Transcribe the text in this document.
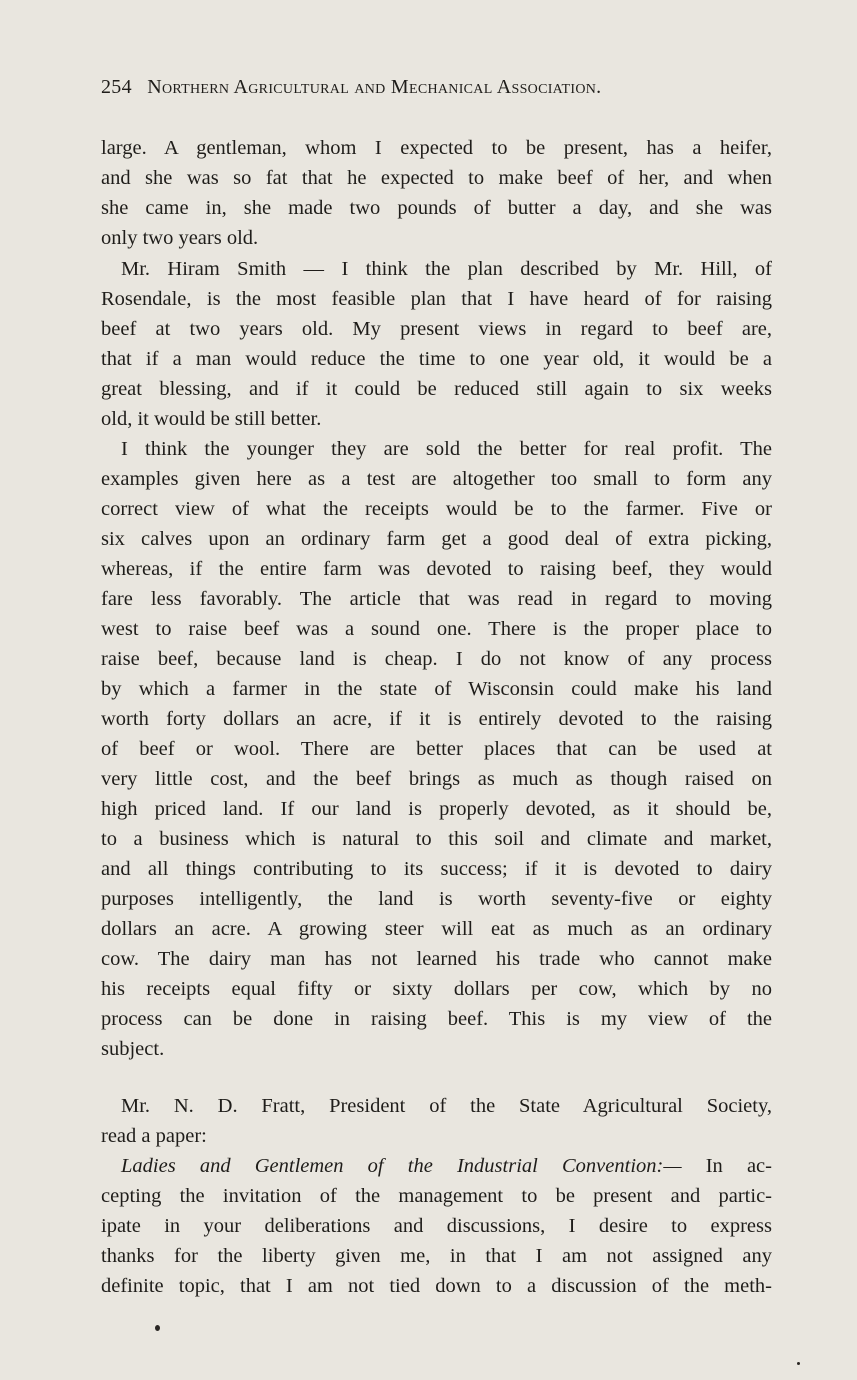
254 Northern Agricultural and Mechanical Association.
large. A gentleman, whom I expected to be present, has a heifer,
and she was so fat that he expected to make beef of her, and when
she came in, she made two pounds of butter a day, and she was
only two years old.
Mr. Hiram Smith — I think the plan described by Mr. Hill, of
Rosendale, is the most feasible plan that I have heard of for raising
beef at two years old. My present views in regard to beef are,
that if a man would reduce the time to one year old, it would be a
great blessing, and if it could be reduced still again to six weeks
old, it would be still better.
I think the younger they are sold the better for real profit. The
examples given here as a test are altogether too small to form any
correct view of what the receipts would be to the farmer. Five or
six calves upon an ordinary farm get a good deal of extra picking,
whereas, if the entire farm was devoted to raising beef, they would
fare less favorably. The article that was read in regard to moving
west to raise beef was a sound one. There is the proper place to
raise beef, because land is cheap. I do not know of any process
by which a farmer in the state of Wisconsin could make his land
worth forty dollars an acre, if it is entirely devoted to the raising
of beef or wool. There are better places that can be used at
very little cost, and the beef brings as much as though raised on
high priced land. If our land is properly devoted, as it should be,
to a business which is natural to this soil and climate and market,
and all things contributing to its success; if it is devoted to dairy
purposes intelligently, the land is worth seventy-five or eighty
dollars an acre. A growing steer will eat as much as an ordinary
cow. The dairy man has not learned his trade who cannot make
his receipts equal fifty or sixty dollars per cow, which by no
process can be done in raising beef. This is my view of the
subject.
Mr. N. D. Fratt, President of the State Agricultural Society,
read a paper:
Ladies and Gentlemen of the Industrial Convention:— In ac-
cepting the invitation of the management to be present and partic-
ipate in your deliberations and discussions, I desire to express
thanks for the liberty given me, in that I am not assigned any
definite topic, that I am not tied down to a discussion of the meth-
